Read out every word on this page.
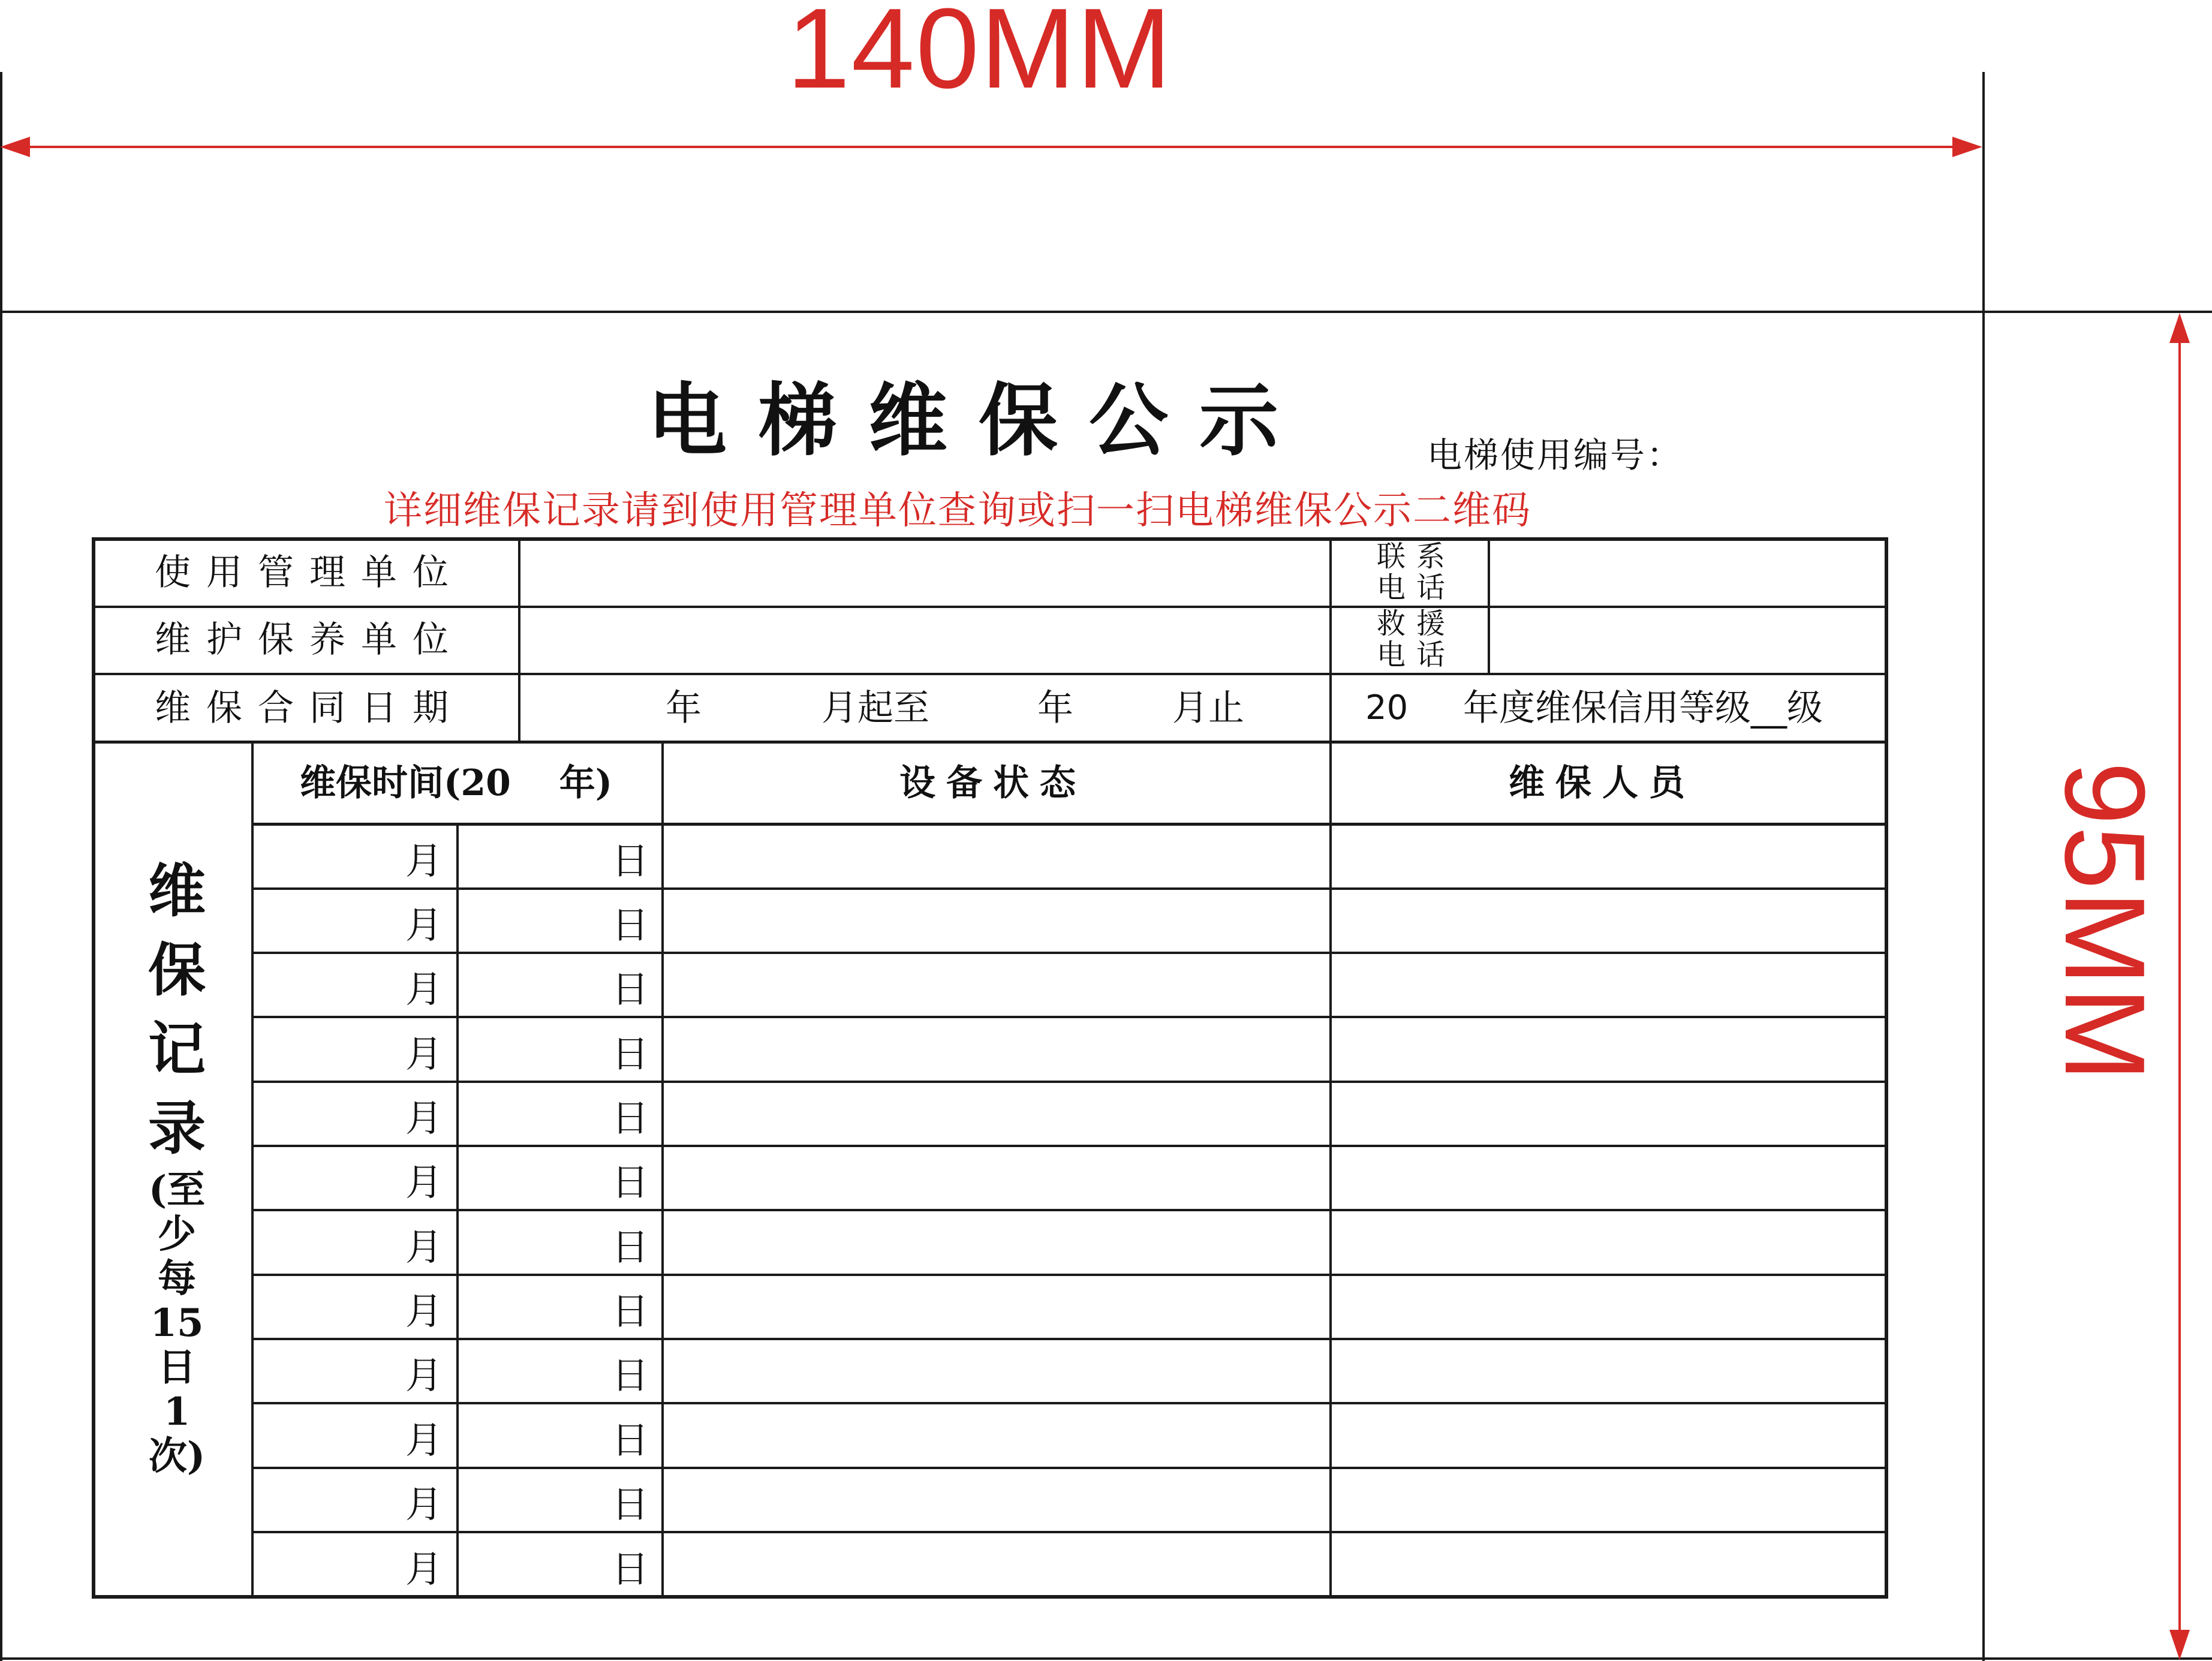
140MM
95MM
电梯维保公示	电梯使用编号：
详细维保记录请到使用管理单位查询或扫一扫电梯维保公示二维码
使用管理单位	联系
电话
维护保养单位	救援
电话
维保合同日期	年	月起至	年	月止	20 年度维保信用等级__级
维保时间(20　 年)	设备状态	维保人员
维
保
记
录
(至
少
每
15
日
1
次)
月	日
月	日
月	日
月	日
月	日
月	日
月	日
月	日
月	日
月	日
月	日
月	日
